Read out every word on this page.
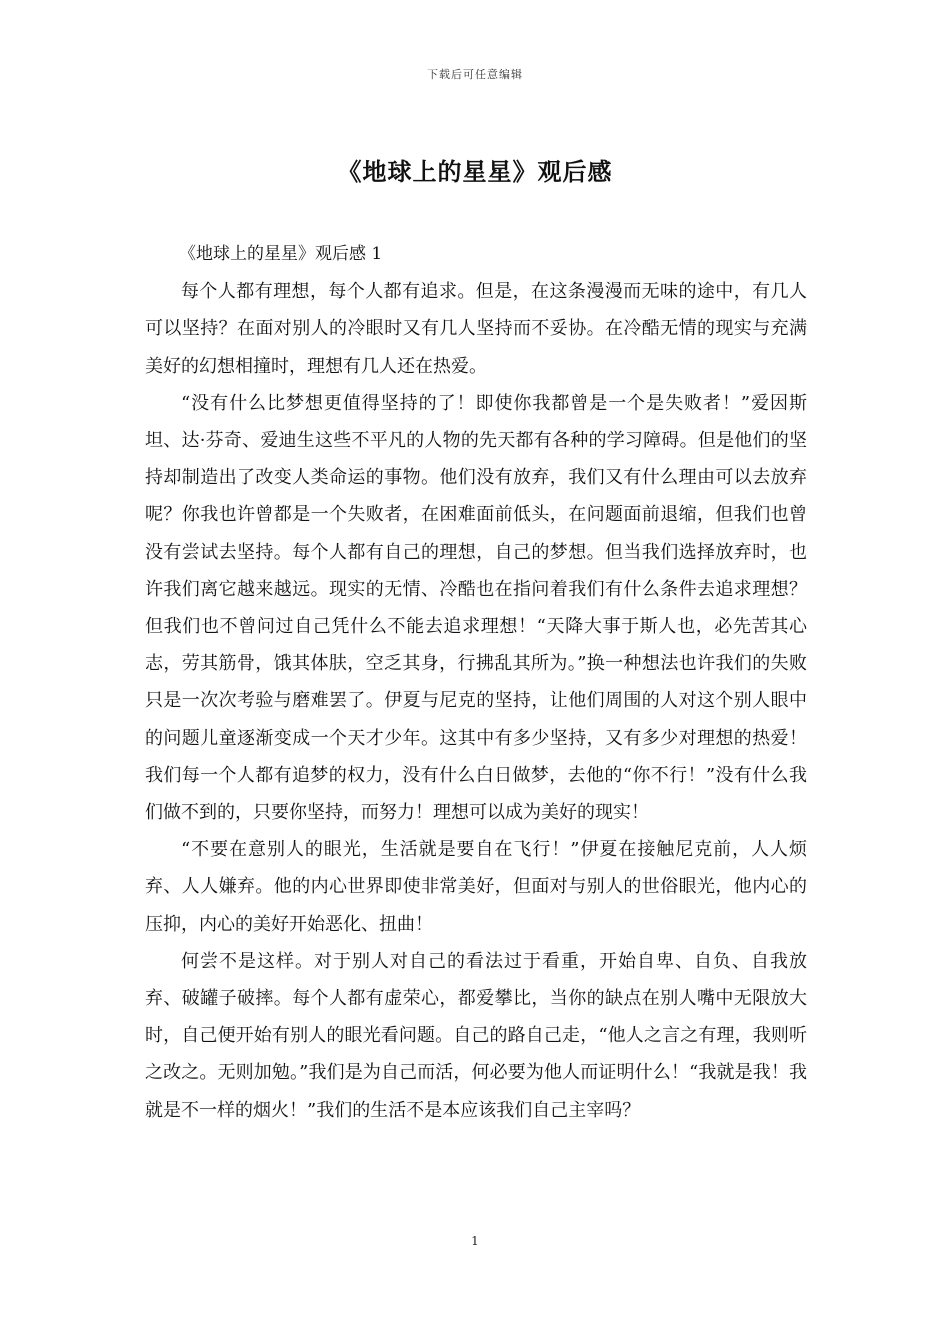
下载后可任意编辑
《地球上的星星》观后感

《地球上的星星》观后感 1

每个人都有理想，每个人都有追求。但是，在这条漫漫而无味的途中，有几人可以坚持？在面对别人的冷眼时又有几人坚持而不妥协。在冷酷无情的现实与充满美好的幻想相撞时，理想有几人还在热爱。

“没有什么比梦想更值得坚持的了！即使你我都曾是一个是失败者！”爱因斯坦、达·芬奇、爱迪生这些不平凡的人物的先天都有各种的学习障碍。但是他们的坚持却制造出了改变人类命运的事物。他们没有放弃，我们又有什么理由可以去放弃呢？你我也许曾都是一个失败者，在困难面前低头，在问题面前退缩，但我们也曾没有尝试去坚持。每个人都有自己的理想，自己的梦想。但当我们选择放弃时，也许我们离它越来越远。现实的无情、冷酷也在指问着我们有什么条件去追求理想？但我们也不曾问过自己凭什么不能去追求理想！“天降大事于斯人也，必先苦其心志，劳其筋骨，饿其体肤，空乏其身，行拂乱其所为。”换一种想法也许我们的失败只是一次次考验与磨难罢了。伊夏与尼克的坚持，让他们周围的人对这个别人眼中的问题儿童逐渐变成一个天才少年。这其中有多少坚持，又有多少对理想的热爱！我们每一个人都有追梦的权力，没有什么白日做梦，去他的“你不行！”没有什么我们做不到的，只要你坚持，而努力！理想可以成为美好的现实！

“不要在意别人的眼光，生活就是要自在飞行！”伊夏在接触尼克前，人人烦弃、人人嫌弃。他的内心世界即使非常美好，但面对与别人的世俗眼光，他内心的压抑，内心的美好开始恶化、扭曲！

何尝不是这样。对于别人对自己的看法过于看重，开始自卑、自负、自我放弃、破罐子破摔。每个人都有虚荣心，都爱攀比，当你的缺点在别人嘴中无限放大时，自己便开始有别人的眼光看问题。自己的路自己走，“他人之言之有理，我则听之改之。无则加勉。”我们是为自己而活，何必要为他人而证明什么！“我就是我！我就是不一样的烟火！”我们的生活不是本应该我们自己主宰吗？

1
